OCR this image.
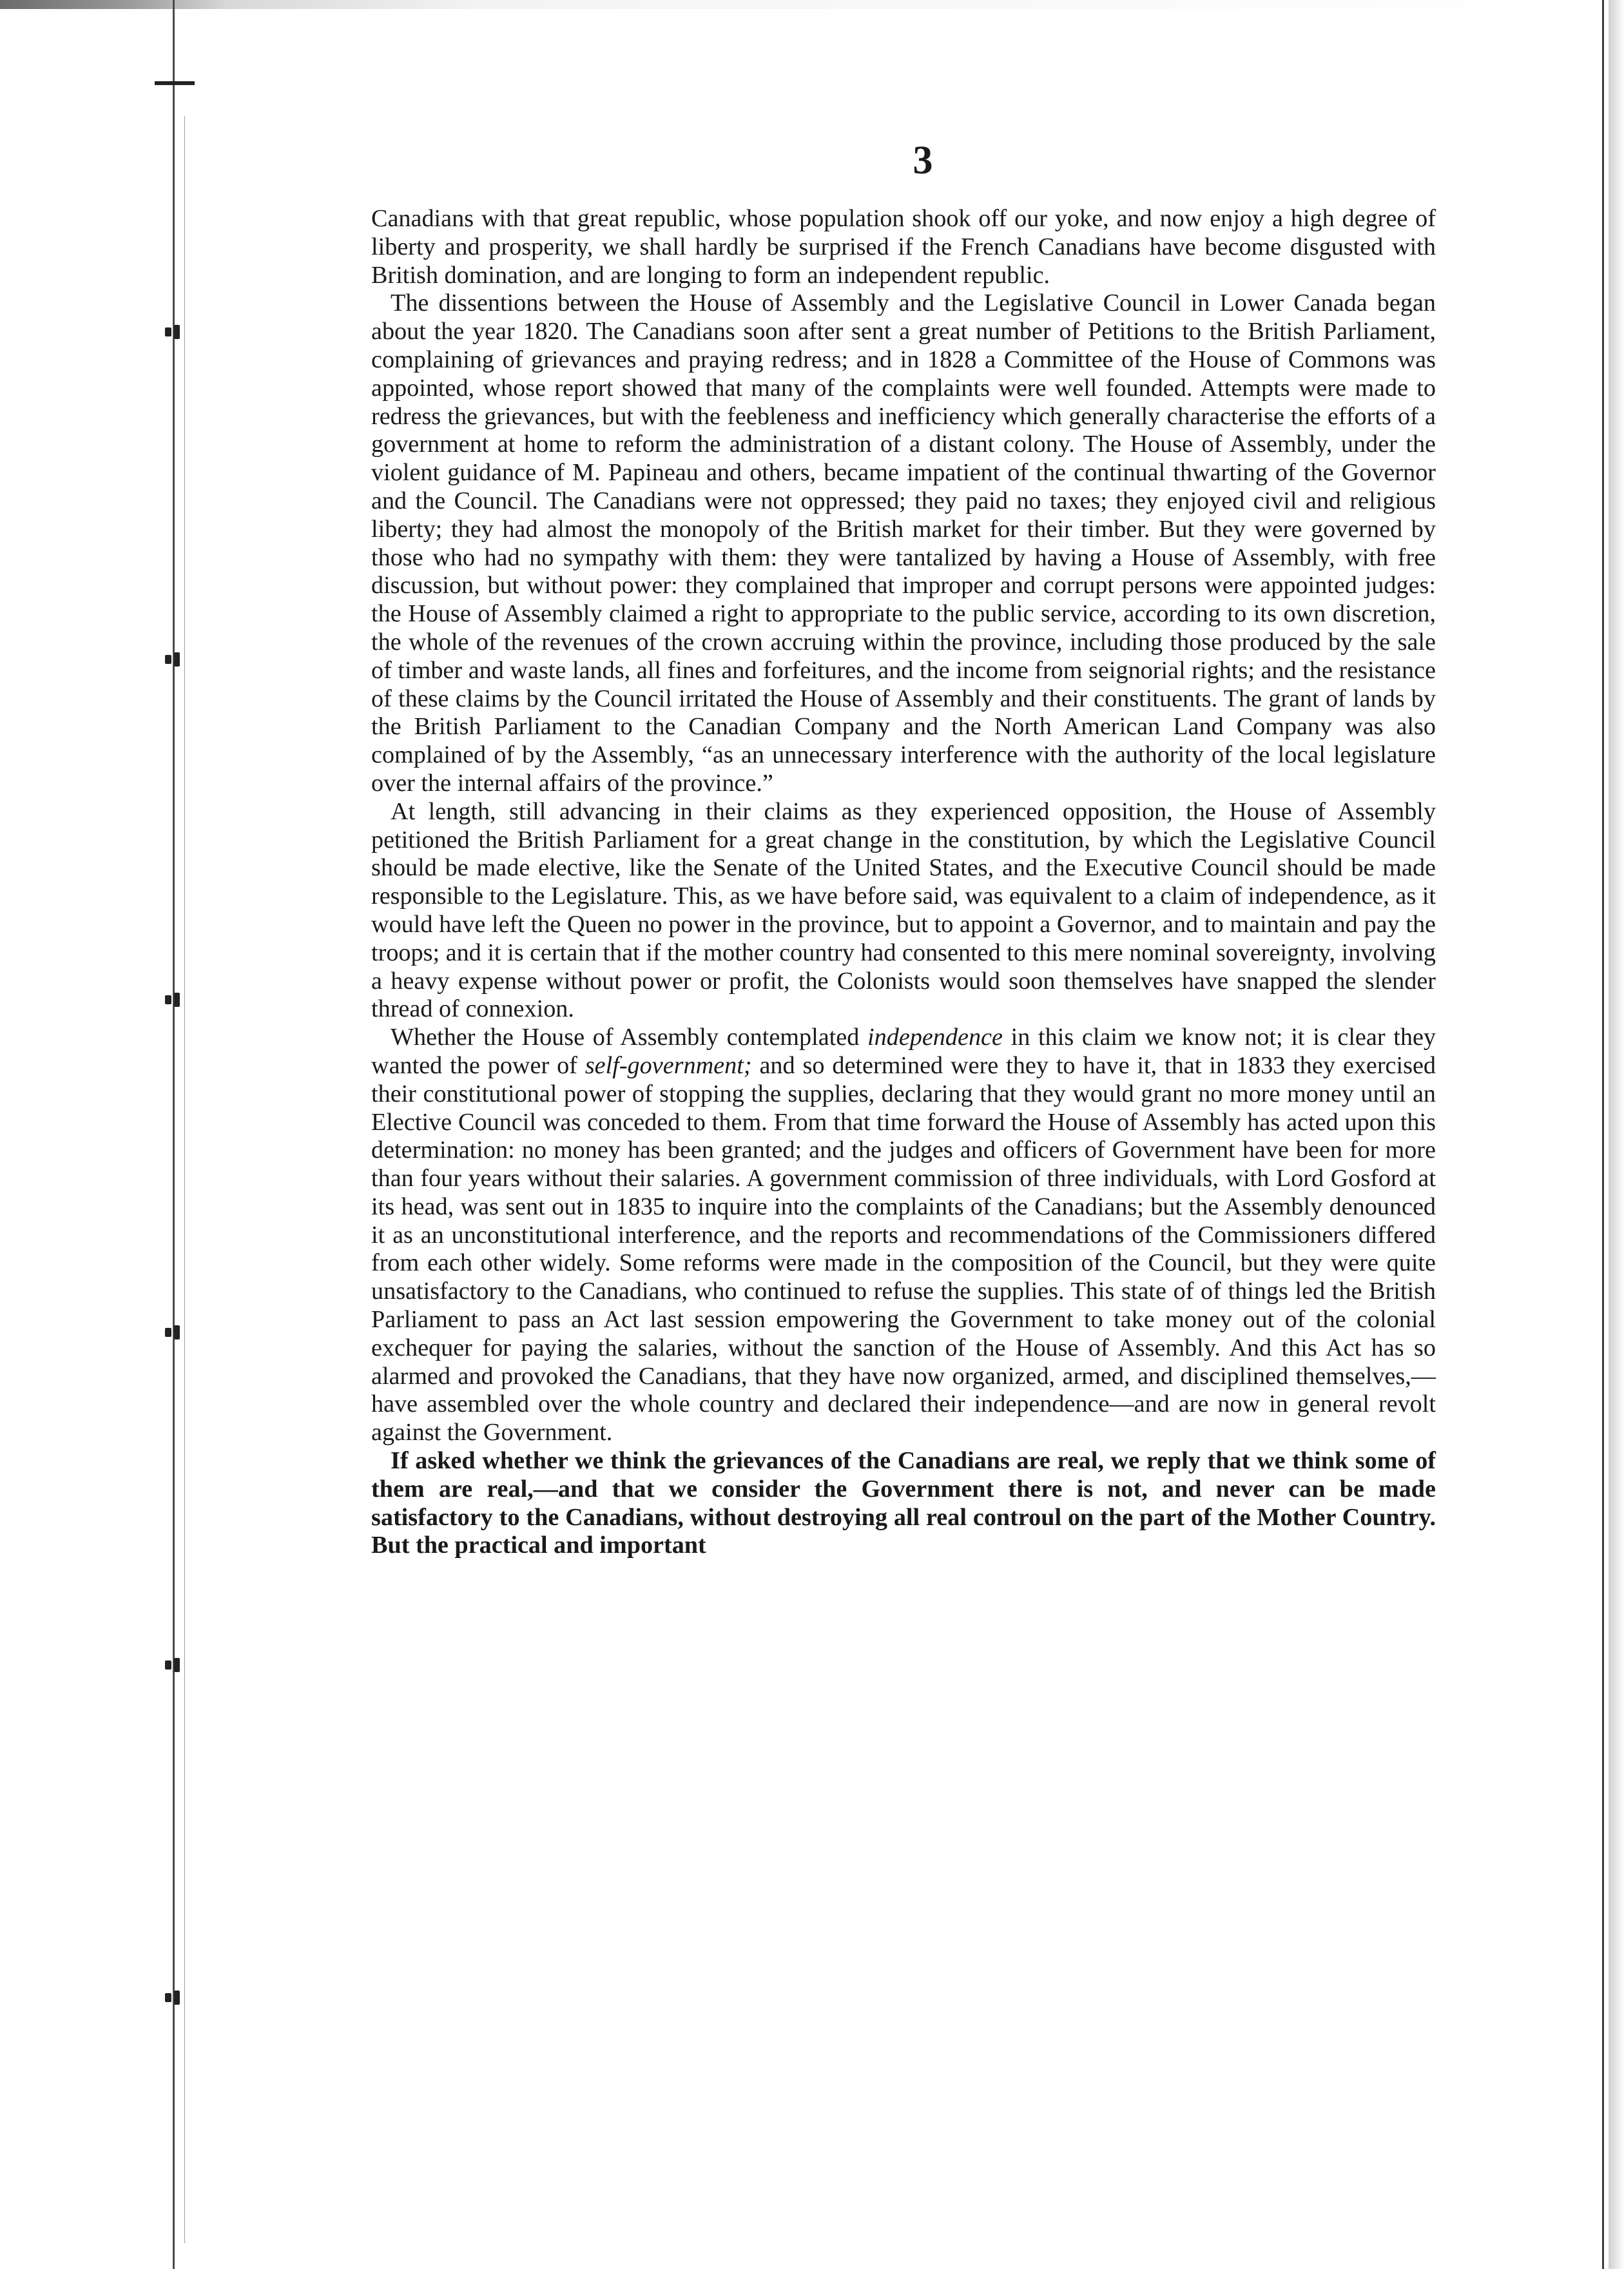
3

Canadians with that great republic, whose population shook off our yoke, and now enjoy a high degree of liberty and prosperity, we shall hardly be surprised if the French Canadians have become disgusted with British domination, and are longing to form an independent republic.

The dissentions between the House of Assembly and the Legislative Council in Lower Canada began about the year 1820. The Canadians soon after sent a great number of Petitions to the British Parliament, complaining of grievances and praying redress; and in 1828 a Committee of the House of Commons was appointed, whose report showed that many of the complaints were well founded. Attempts were made to redress the grievances, but with the feebleness and inefficiency which generally characterise the efforts of a government at home to reform the administration of a distant colony. The House of Assembly, under the violent guidance of M. Papineau and others, became impatient of the continual thwarting of the Governor and the Council. The Canadians were not oppressed; they paid no taxes; they enjoyed civil and religious liberty; they had almost the monopoly of the British market for their timber. But they were governed by those who had no sympathy with them: they were tantalized by having a House of Assembly, with free discussion, but without power: they complained that improper and corrupt persons were appointed judges: the House of Assembly claimed a right to appropriate to the public service, according to its own discretion, the whole of the revenues of the crown accruing within the province, including those produced by the sale of timber and waste lands, all fines and forfeitures, and the income from seignorial rights; and the resistance of these claims by the Council irritated the House of Assembly and their constituents. The grant of lands by the British Parliament to the Canadian Company and the North American Land Company was also complained of by the Assembly, “as an unnecessary interference with the authority of the local legislature over the internal affairs of the province.”

At length, still advancing in their claims as they experienced opposition, the House of Assembly petitioned the British Parliament for a great change in the constitution, by which the Legislative Council should be made elective, like the Senate of the United States, and the Executive Council should be made responsible to the Legislature. This, as we have before said, was equivalent to a claim of independence, as it would have left the Queen no power in the province, but to appoint a Governor, and to maintain and pay the troops; and it is certain that if the mother country had consented to this mere nominal sovereignty, involving a heavy expense without power or profit, the Colonists would soon themselves have snapped the slender thread of connexion.

Whether the House of Assembly contemplated independence in this claim we know not; it is clear they wanted the power of self-government; and so determined were they to have it, that in 1833 they exercised their constitutional power of stopping the supplies, declaring that they would grant no more money until an Elective Council was conceded to them. From that time forward the House of Assembly has acted upon this determination: no money has been granted; and the judges and officers of Government have been for more than four years without their salaries. A government commission of three individuals, with Lord Gosford at its head, was sent out in 1835 to inquire into the complaints of the Canadians; but the Assembly denounced it as an unconstitutional interference, and the reports and recommendations of the Commissioners differed from each other widely. Some reforms were made in the composition of the Council, but they were quite unsatisfactory to the Canadians, who continued to refuse the supplies. This state of of things led the British Parliament to pass an Act last session empowering the Government to take money out of the colonial exchequer for paying the salaries, without the sanction of the House of Assembly. And this Act has so alarmed and provoked the Canadians, that they have now organized, armed, and disciplined themselves,—have assembled over the whole country and declared their independence—and are now in general revolt against the Government.

If asked whether we think the grievances of the Canadians are real, we reply that we think some of them are real,—and that we consider the Government there is not, and never can be made satisfactory to the Canadians, without destroying all real controul on the part of the Mother Country. But the practical and important
